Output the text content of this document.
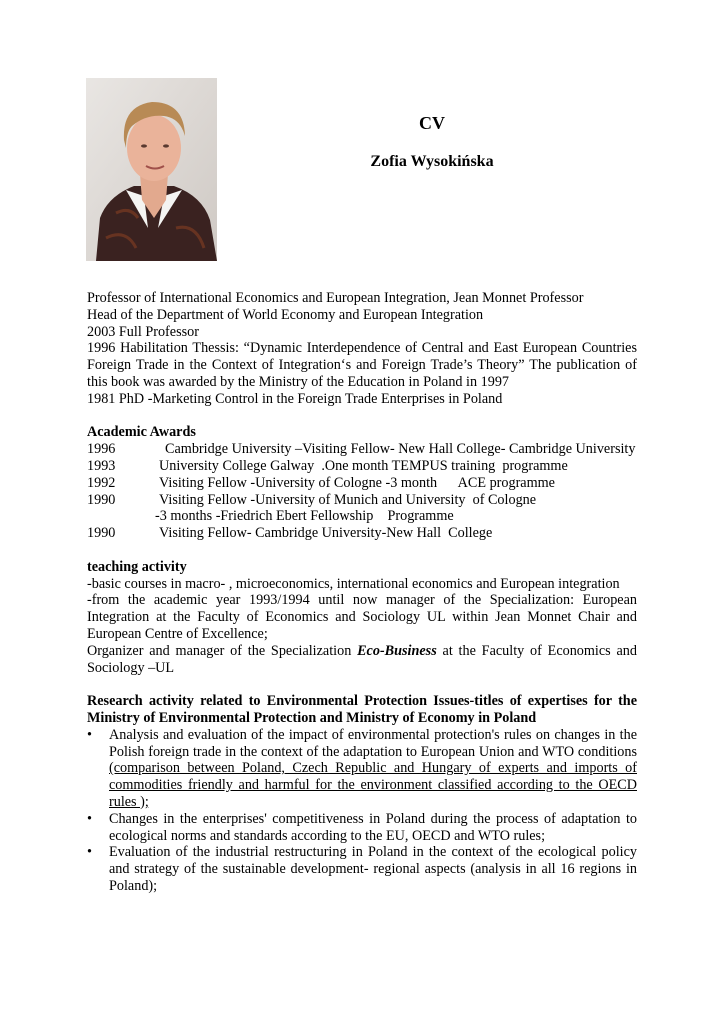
CV
Zofia Wysokińska

Professor of International Economics and European Integration, Jean Monnet Professor

Head of the Department of World Economy and European Integration

2003 Full Professor

1996 Habilitation Thessis: “Dynamic Interdependence of Central and East European Countries Foreign Trade in the Context of Integration‘s and Foreign Trade’s Theory” The publication of this book was awarded by the Ministry of the Education in Poland in 1997

1981 PhD -Marketing Control in the Foreign Trade Enterprises in Poland

Academic Awards

1996              Cambridge University –Visiting Fellow- New Hall College- Cambridge University

1993	University College Galway  .One month TEMPUS training  programme
1992	Visiting Fellow -University of Cologne -3 month      ACE programme
1990	Visiting Fellow -University of Munich and University  of Cologne
-3 months -Friedrich Ebert Fellowship    Programme
1990	Visiting Fellow- Cambridge University-New Hall  College

teaching activity

-basic courses in macro- , microeconomics, international economics and European integration

-from the academic year 1993/1994 until now manager of the Specialization: European Integration at the Faculty of Economics and Sociology UL within Jean Monnet Chair and European Centre of Excellence;

Organizer and manager of the Specialization Eco-Business at the Faculty of Economics and Sociology –UL

Research activity related to Environmental Protection Issues-titles of expertises for the Ministry of Environmental Protection and Ministry of Economy in Poland

• Analysis and evaluation of the impact of environmental protection's rules on changes in the Polish foreign trade in the context of the adaptation to European Union and WTO conditions (comparison between Poland, Czech Republic and Hungary of experts and imports of commodities friendly and harmful for the environment classified according to the OECD rules );
• Changes in the enterprises' competitiveness in Poland during the process of adaptation to ecological norms and standards according to the EU, OECD and WTO rules;
• Evaluation of the industrial restructuring in Poland in the context of the ecological policy and strategy of the sustainable development- regional aspects (analysis in all 16 regions in Poland);
